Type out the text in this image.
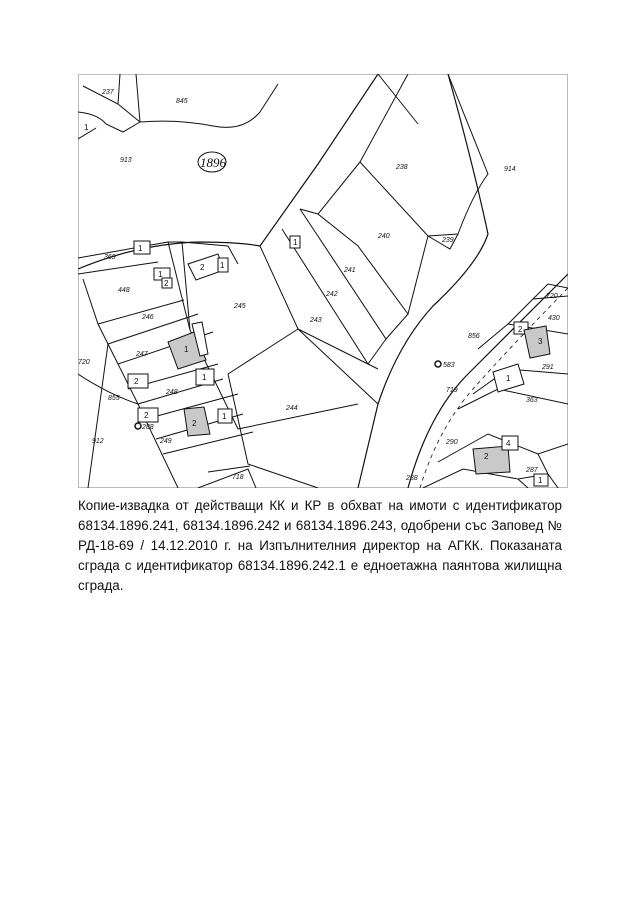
1896
237
845
913
238	914
240
239
369
448
241
242
243
245
246
720
430
856
247
291
583
719
855
248
363
288
244
290
912	249
287
718	288
720
1
1
2
2 1
1
1
2	1
2
2
1
2
3
1
2
4
1
1

Копие-извадка от действащи КК и КР в обхват на имоти с идентификатор 68134.1896.241, 68134.1896.242 и 68134.1896.243, одобрени със Заповед № РД-18-69 / 14.12.2010 г. на Изпълнителния директор на АГКК. Показаната сграда с идентификатор 68134.1896.242.1 е едноетажна паянтова жилищна сграда.
